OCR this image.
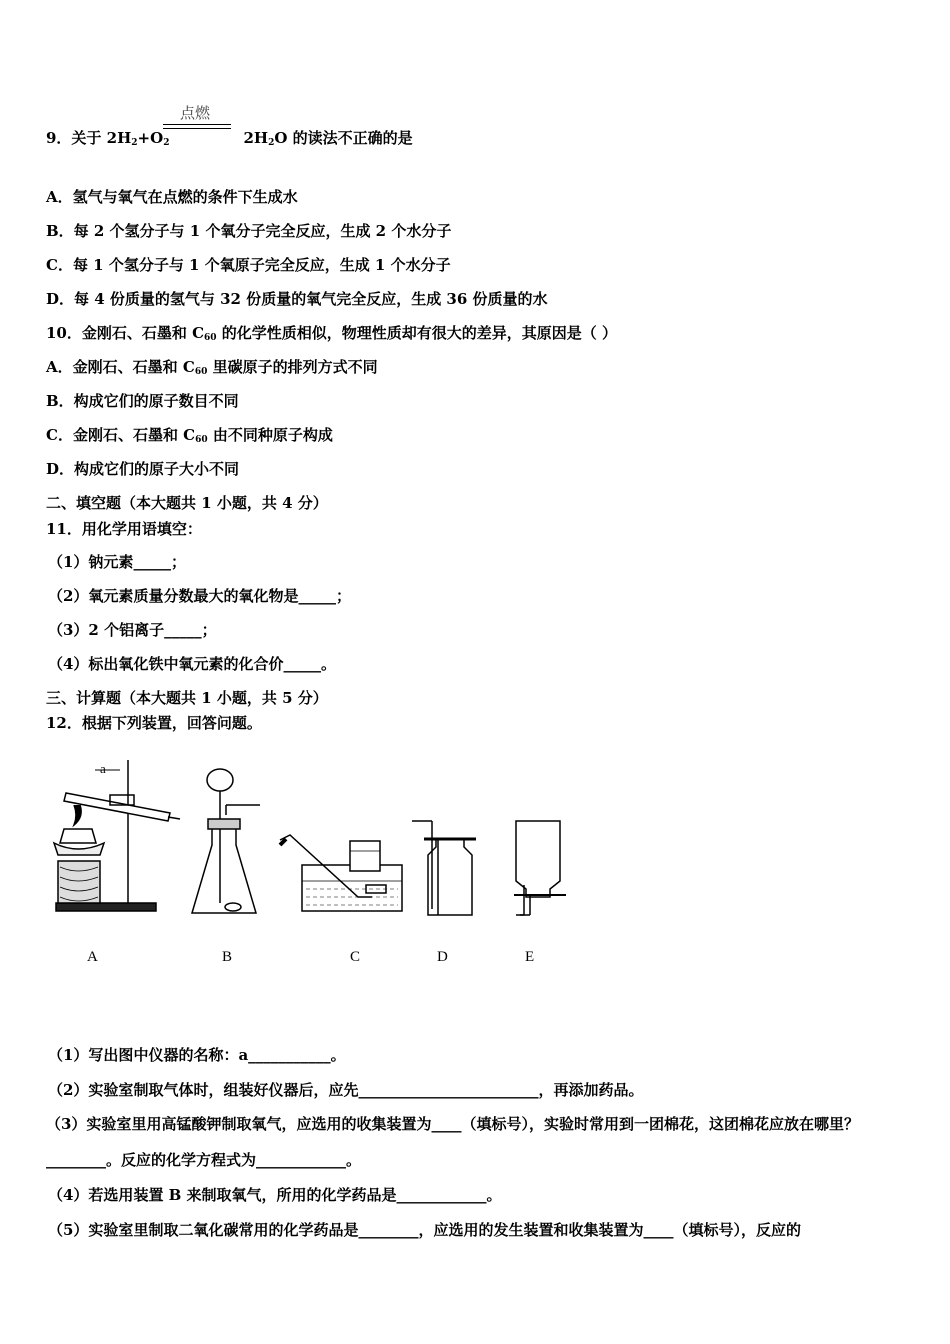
点燃
9．关于 $2H_2+O_2$	$2H_2O$ 的读法不正确的是
A．氢气与氧气在点燃的条件下生成水
B．每 2 个氢分子与 1 个氧分子完全反应，生成 2 个水分子
C．每 1 个氢分子与 1 个氧原子完全反应，生成 1 个水分子
D．每 4 份质量的氢气与 32 份质量的氧气完全反应，生成 36 份质量的水
10．金刚石、石墨和 $C_{60}$ 的化学性质相似，物理性质却有很大的差异，其原因是（ ）
A．金刚石、石墨和 $C_{60}$ 里碳原子的排列方式不同
B．构成它们的原子数目不同
C．金刚石、石墨和 $C_{60}$ 由不同种原子构成
D．构成它们的原子大小不同
二、填空题（本大题共 1 小题，共 4 分）
11．用化学用语填空：
（1）钠元素_____；
（2）氧元素质量分数最大的氧化物是_____；
（3）2 个铝离子_____；
（4）标出氧化铁中氧元素的化合价_____。
三、计算题（本大题共 1 小题，共 5 分）
12．根据下列装置，回答问题。
a
A	B	C	D	E
（1）写出图中仪器的名称：a___________。
（2）实验室制取气体时，组装好仪器后，应先________________________，再添加药品。
（3）实验室里用高锰酸钾制取氧气，应选用的收集装置为____（填标号），实验时常用到一团棉花，这团棉花应放在哪里？________。反应的化学方程式为____________。
（4）若选用装置 B 来制取氧气，所用的化学药品是____________。
（5）实验室里制取二氧化碳常用的化学药品是________，应选用的发生装置和收集装置为____（填标号），反应的
